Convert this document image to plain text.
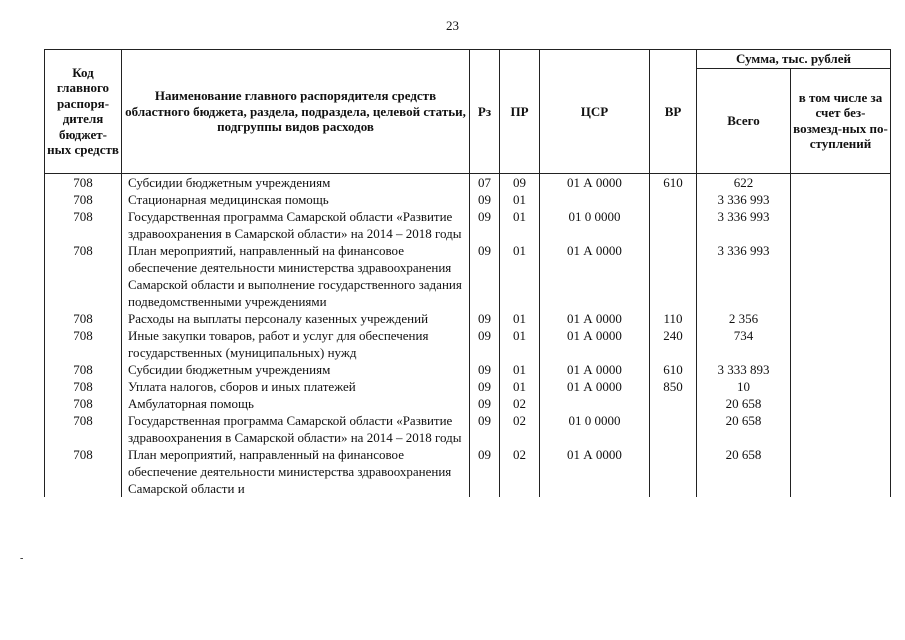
23
Код главного распоря-дителя бюджет-ных средств	Наименование главного распорядителя средств областного бюджета, раздела, подраздела, целевой статьи, подгруппы видов расходов	Рз	ПР	ЦСР	ВР	Сумма, тыс. рублей	
						Всего	в том числе за счет без-возмезд-ных по-ступлений
708	Субсидии бюджетным учреждениям	07	09	01 А 0000	610	622	
708	Стационарная медицинская помощь	09	01			3 336 993	
708	Государственная программа Самарской области «Развитие здравоохранения в Самарской области» на 2014 – 2018 годы	09	01	01 0 0000		3 336 993	
708	План мероприятий, направленный на финансовое обеспечение деятельности министерства здравоохранения Самарской области и выполнение государственного задания подведомственными учреждениями	09	01	01 А 0000		3 336 993	
708	Расходы на выплаты персоналу казенных учреждений	09	01	01 А 0000	110	2 356	
708	Иные закупки товаров, работ и услуг для обеспечения государственных (муниципальных) нужд	09	01	01 А 0000	240	734	
708	Субсидии бюджетным учреждениям	09	01	01 А 0000	610	3 333 893	
708	Уплата налогов, сборов и иных платежей	09	01	01 А 0000	850	10	
708	Амбулаторная помощь	09	02			20 658	
708	Государственная программа Самарской области «Развитие здравоохранения в Самарской области» на 2014 – 2018 годы	09	02	01 0 0000		20 658	
708	План мероприятий, направленный на финансовое обеспечение деятельности министерства здравоохранения Самарской области и	09	02	01 А 0000		20 658	
-
